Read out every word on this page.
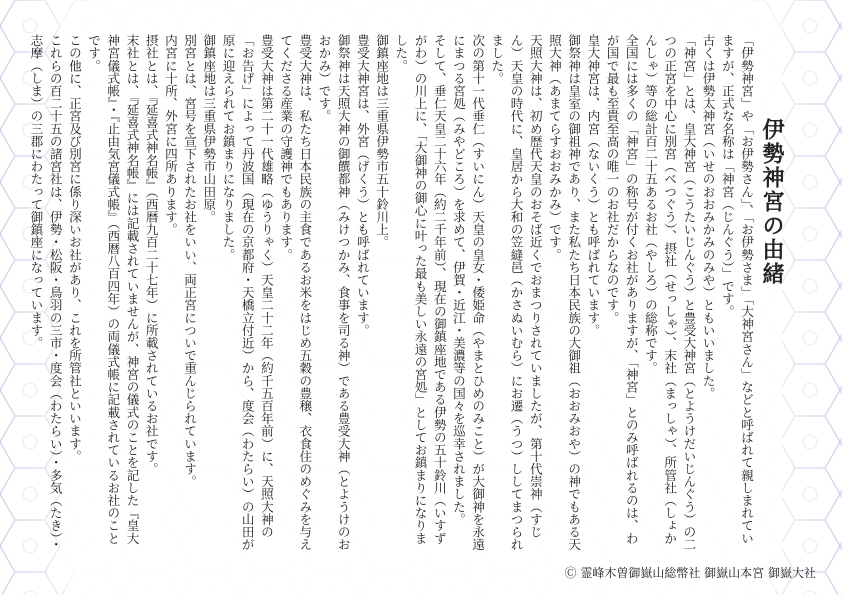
伊勢神宮の由緒

「伊勢神宮」や「お伊勢さん」、「お伊勢さま」「大神宮さん」などと呼ばれて親しまれていますが、正式な名称は「神宮（じんぐう）」です。

古くは伊勢太神宮（いせのおおみかみのみや）ともいいました。

「神宮」とは、皇大神宮（こうたいじんぐう）と豊受大神宮（とようけだいじんぐう）の二つの正宮を中心に別宮（べつぐう）、摂社（せっしゃ）、末社（まっしゃ）、所管社（しょかんしゃ）等の総計百二十五あるお社（やしろ）の総称です。

全国には多くの「神宮」の称号が付くお社がありますが、「神宮」とのみ呼ばれるのは、わが国で最も至貴至高の唯一のお社だからなのです。

皇大神宮は、内宮（ないくう）とも呼ばれています。

御祭神は皇室の御祖神であり、また私たち日本民族の大御祖（おおみおや）の神でもある天照大神（あまてらすおおみかみ）です。

天照大神は、初め歴代天皇のおそば近くでおまつりされていましたが、第十代崇神（すじん）天皇の時代に、皇居から大和の笠縫邑（かさぬいむら）にお遷（うつ）ししてまつられました。

次の第十一代垂仁（すいにん）天皇の皇女・倭姫命（やまとひめのみこと）が大御神を永遠にまつる宮処（みやどころ）を求めて、伊賀・近江・美濃等の国々を巡幸されました。

そして、垂仁天皇二十六年（約二千年前）、現在の御鎮座地である伊勢の五十鈴川（いすずがわ）の川上に、「大御神の御心に叶った最も美しい永遠の宮処」としてお鎮まりになりました。

御鎮座地は三重県伊勢市五十鈴川上。

豊受大神宮は、外宮（げくう）とも呼ばれています。

御祭神は天照大神の御饌都神（みけつかみ、食事を司る神）である豊受大神（とようけのおおかみ）です。

豊受大神は、私たち日本民族の主食であるお米をはじめ五穀の豊穣、衣食住のめぐみを与えてくださる産業の守護神でもあります。

豊受大神は第二十一代雄略（ゆうりゃく）天皇二十二年（約千五百年前）に、天照大神の「お告げ」によって丹波国（現在の京都府・天橋立付近）から、度会（わたらい）の山田が原に迎えられてお鎮まりになりました。

御鎮座地は三重県伊勢市山田原。

別宮とは、宮号を宣下されたお社をいい、両正宮についで重んじられています。

内宮に十所、外宮に四所あります。

摂社とは、『延喜式神名帳』（西暦九百二十七年）に所載されているお社です。

末社とは、『延喜式神名帳』には記載されていませんが、神宮の儀式のことを記した『皇大神宮儀式帳』・『止由気宮儀式帳』（西暦八百四年）の両儀式帳に記載されているお社のことです。

この他に、正宮及び別宮に係り深いお社があり、これを所管社といいます。

これらの百二十五の諸宮社は、伊勢・松阪・鳥羽の三市・度会（わたらい）・多気（たき）・志摩（しま）の三郡にわたって御鎮座になっています。

Ⓒ 霊峰木曽御嶽山総幣社 御嶽山本宮 御嶽大社
